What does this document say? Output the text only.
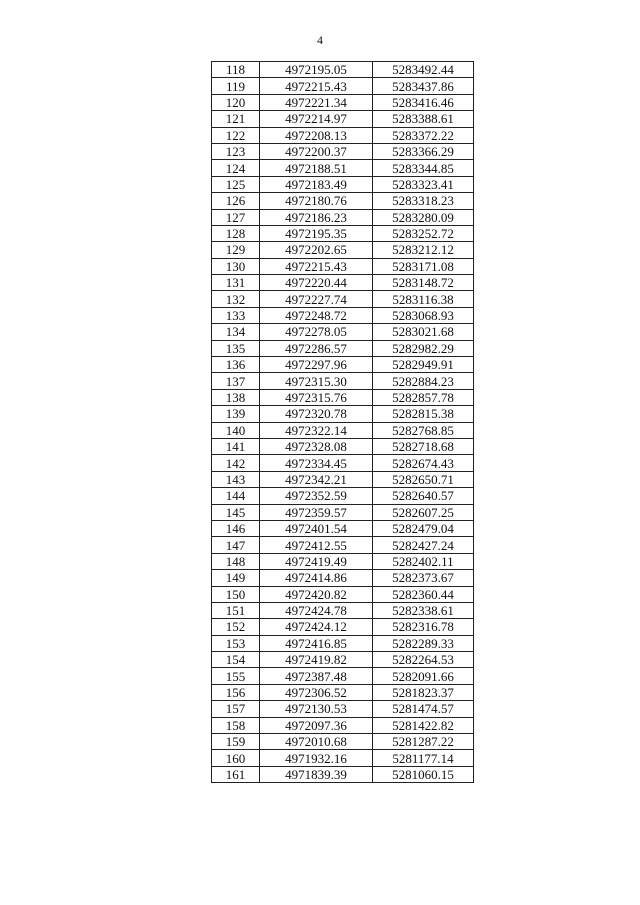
4
118	4972195.05	5283492.44
119	4972215.43	5283437.86
120	4972221.34	5283416.46
121	4972214.97	5283388.61
122	4972208.13	5283372.22
123	4972200.37	5283366.29
124	4972188.51	5283344.85
125	4972183.49	5283323.41
126	4972180.76	5283318.23
127	4972186.23	5283280.09
128	4972195.35	5283252.72
129	4972202.65	5283212.12
130	4972215.43	5283171.08
131	4972220.44	5283148.72
132	4972227.74	5283116.38
133	4972248.72	5283068.93
134	4972278.05	5283021.68
135	4972286.57	5282982.29
136	4972297.96	5282949.91
137	4972315.30	5282884.23
138	4972315.76	5282857.78
139	4972320.78	5282815.38
140	4972322.14	5282768.85
141	4972328.08	5282718.68
142	4972334.45	5282674.43
143	4972342.21	5282650.71
144	4972352.59	5282640.57
145	4972359.57	5282607.25
146	4972401.54	5282479.04
147	4972412.55	5282427.24
148	4972419.49	5282402.11
149	4972414.86	5282373.67
150	4972420.82	5282360.44
151	4972424.78	5282338.61
152	4972424.12	5282316.78
153	4972416.85	5282289.33
154	4972419.82	5282264.53
155	4972387.48	5282091.66
156	4972306.52	5281823.37
157	4972130.53	5281474.57
158	4972097.36	5281422.82
159	4972010.68	5281287.22
160	4971932.16	5281177.14
161	4971839.39	5281060.15
